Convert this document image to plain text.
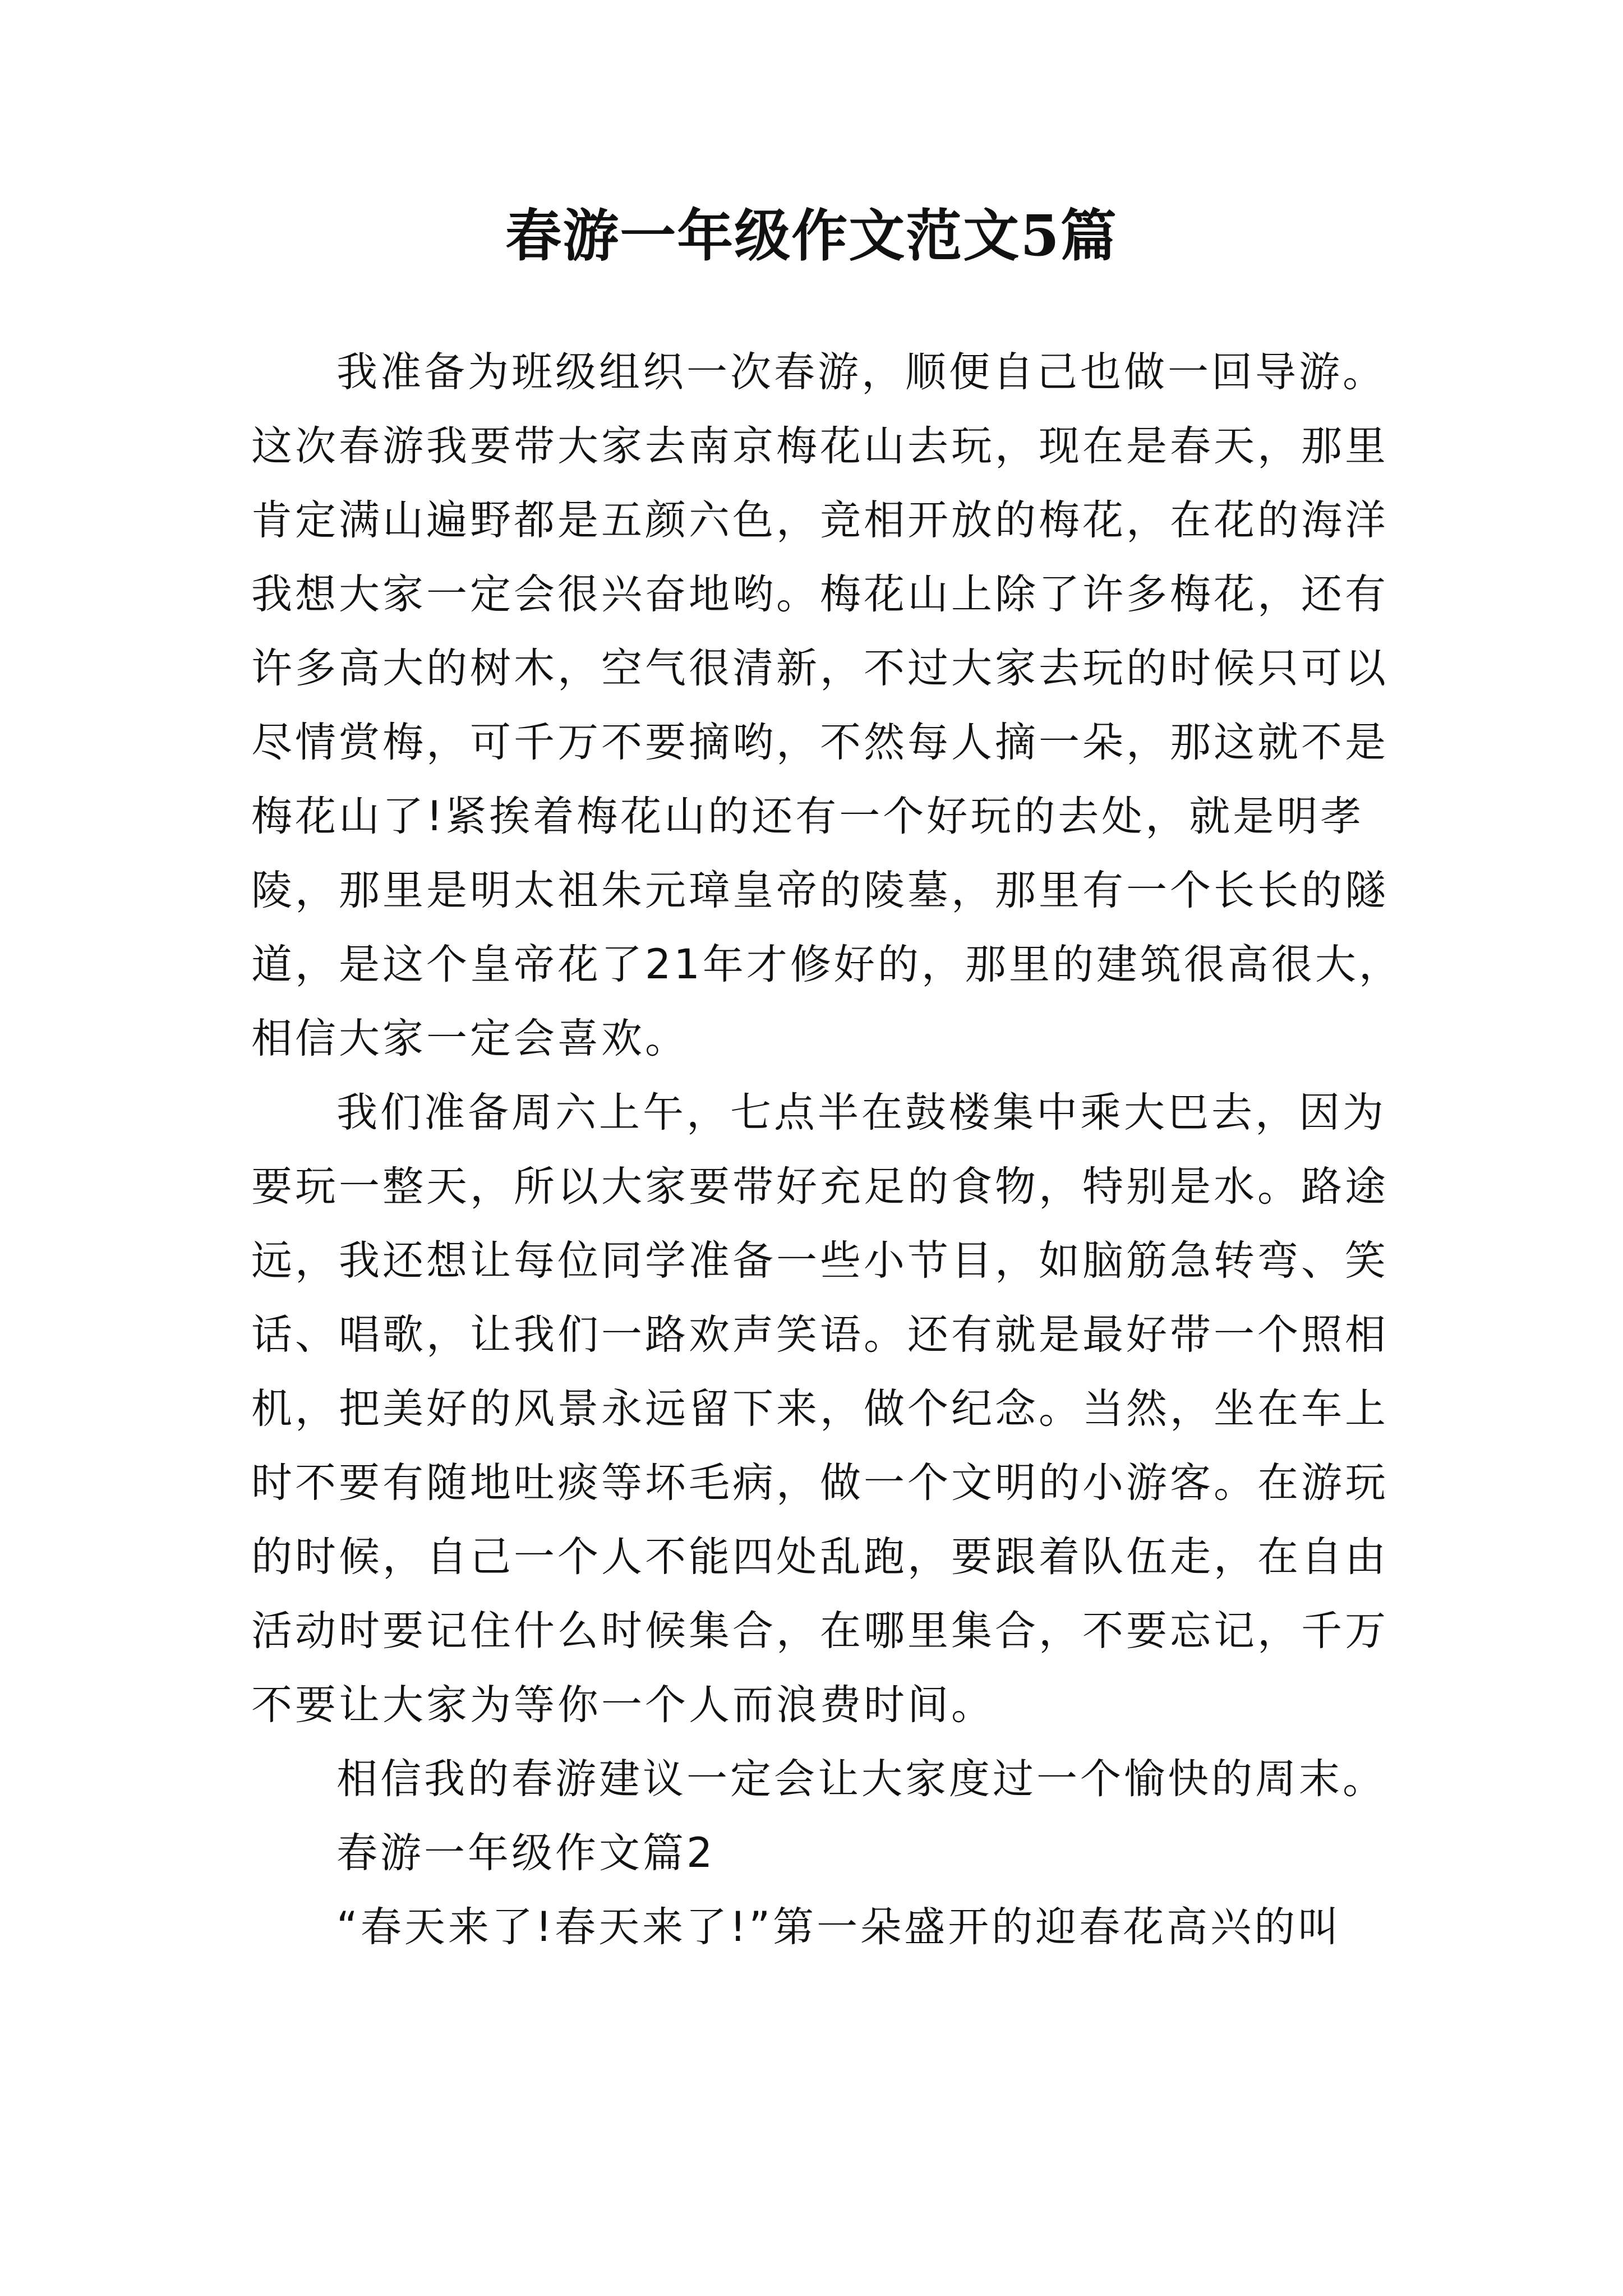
春游一年级作文范文5篇
我准备为班级组织一次春游，顺便自己也做一回导游。
这次春游我要带大家去南京梅花山去玩，现在是春天，那里
肯定满山遍野都是五颜六色，竞相开放的梅花，在花的海洋
我想大家一定会很兴奋地哟。梅花山上除了许多梅花，还有
许多高大的树木，空气很清新，不过大家去玩的时候只可以
尽情赏梅，可千万不要摘哟，不然每人摘一朵，那这就不是
梅花山了!紧挨着梅花山的还有一个好玩的去处，就是明孝
陵，那里是明太祖朱元璋皇帝的陵墓，那里有一个长长的隧
道，是这个皇帝花了21年才修好的，那里的建筑很高很大，
相信大家一定会喜欢。
我们准备周六上午，七点半在鼓楼集中乘大巴去，因为
要玩一整天，所以大家要带好充足的食物，特别是水。路途
远，我还想让每位同学准备一些小节目，如脑筋急转弯、笑
话、唱歌，让我们一路欢声笑语。还有就是最好带一个照相
机，把美好的风景永远留下来，做个纪念。当然，坐在车上
时不要有随地吐痰等坏毛病，做一个文明的小游客。在游玩
的时候，自己一个人不能四处乱跑，要跟着队伍走，在自由
活动时要记住什么时候集合，在哪里集合，不要忘记，千万
不要让大家为等你一个人而浪费时间。
相信我的春游建议一定会让大家度过一个愉快的周末。
春游一年级作文篇2
“春天来了!春天来了!”第一朵盛开的迎春花高兴的叫
